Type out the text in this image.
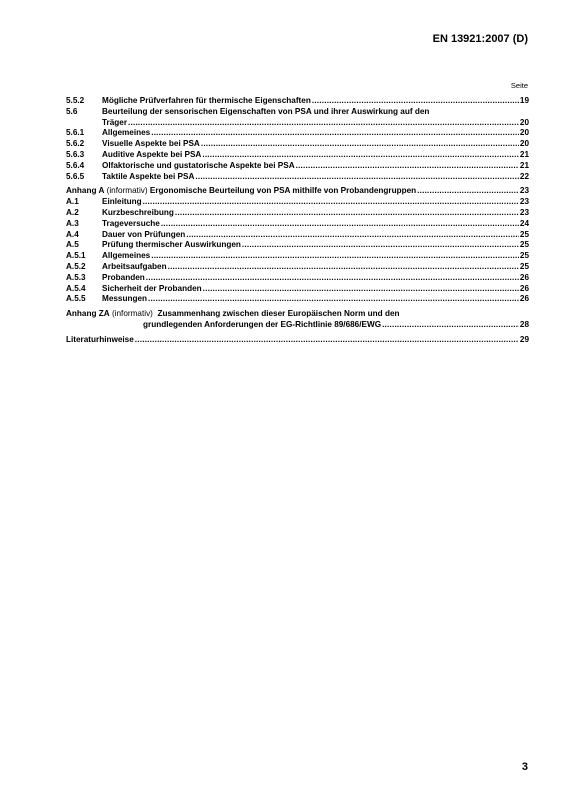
EN 13921:2007 (D)
Seite
5.5.2	Mögliche Prüfverfahren für thermische Eigenschaften .....	19
5.6	Beurteilung der sensorischen Eigenschaften von PSA und ihrer Auswirkung auf den
Träger .....	20
5.6.1	Allgemeines .....	20
5.6.2	Visuelle Aspekte bei PSA .....	20
5.6.3	Auditive Aspekte bei PSA .....	21
5.6.4	Olfaktorische und gustatorische Aspekte bei PSA .....	21
5.6.5	Taktile Aspekte bei PSA .....	22
Anhang A (informativ) Ergonomische Beurteilung von PSA mithilfe von Probandengruppen .....	23
A.1	Einleitung .....	23
A.2	Kurzbeschreibung .....	23
A.3	Trageversuche .....	24
A.4	Dauer von Prüfungen .....	25
A.5	Prüfung thermischer Auswirkungen .....	25
A.5.1	Allgemeines .....	25
A.5.2	Arbeitsaufgaben .....	25
A.5.3	Probanden .....	26
A.5.4	Sicherheit der Probanden .....	26
A.5.5	Messungen .....	26
Anhang ZA (informativ) Zusammenhang zwischen dieser Europäischen Norm und den
grundlegenden Anforderungen der EG-Richtlinie 89/686/EWG .....	28
Literaturhinweise .....	29
3
